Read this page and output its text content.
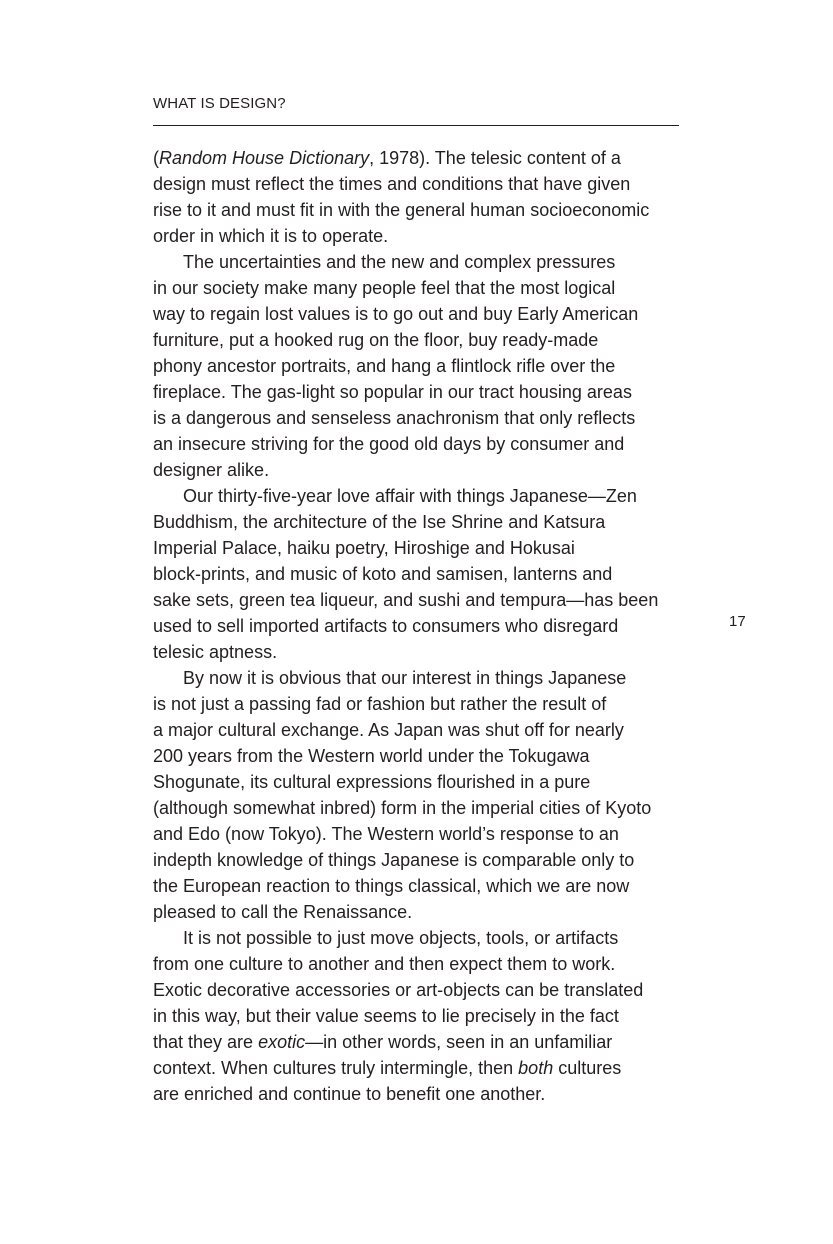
WHAT IS DESIGN?
(Random House Dictionary, 1978). The telesic content of a
design must reflect the times and conditions that have given
rise to it and must fit in with the general human socioeconomic
order in which it is to operate.
The uncertainties and the new and complex pressures
in our society make many people feel that the most logical
way to regain lost values is to go out and buy Early American
furniture, put a hooked rug on the floor, buy ready-made
phony ancestor portraits, and hang a flintlock rifle over the
fireplace. The gas-light so popular in our tract housing areas
is a dangerous and senseless anachronism that only reflects
an insecure striving for the good old days by consumer and
designer alike.
Our thirty-five-year love affair with things Japanese—Zen
Buddhism, the architecture of the Ise Shrine and Katsura
Imperial Palace, haiku poetry, Hiroshige and Hokusai
block-prints, and music of koto and samisen, lanterns and
sake sets, green tea liqueur, and sushi and tempura—has been
used to sell imported artifacts to consumers who disregard
telesic aptness.
By now it is obvious that our interest in things Japanese
is not just a passing fad or fashion but rather the result of
a major cultural exchange. As Japan was shut off for nearly
200 years from the Western world under the Tokugawa
Shogunate, its cultural expressions flourished in a pure
(although somewhat inbred) form in the imperial cities of Kyoto
and Edo (now Tokyo). The Western world’s response to an
indepth knowledge of things Japanese is comparable only to
the European reaction to things classical, which we are now
pleased to call the Renaissance.
It is not possible to just move objects, tools, or artifacts
from one culture to another and then expect them to work.
Exotic decorative accessories or art-objects can be translated
in this way, but their value seems to lie precisely in the fact
that they are exotic—in other words, seen in an unfamiliar
context. When cultures truly intermingle, then both cultures
are enriched and continue to benefit one another.
17
